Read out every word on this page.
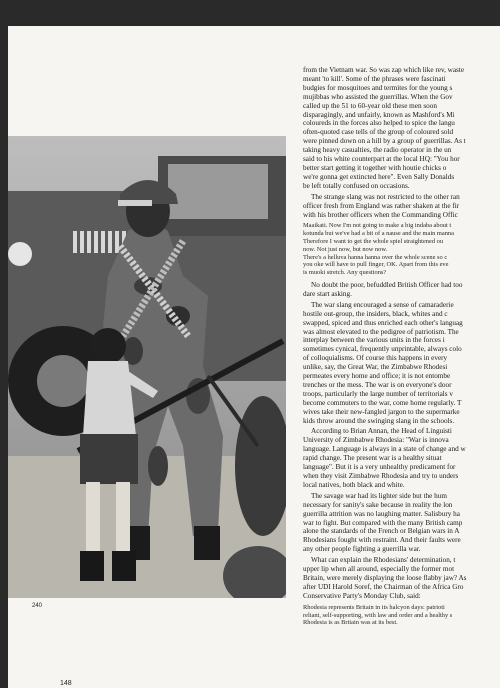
240

from the Vietnam war. So was zap which like rev, waste
meant 'to kill'. Some of the phrases were fascinati
budgies for mosquitoes and termites for the young s
mujibbas who assisted the guerrillas. When the Gov
called up the 51 to 60-year old these men soon
disparagingly, and unfairly, known as Mashford's Mi
coloureds in the forces also helped to spice the langu
often-quoted case tells of the group of coloured sold
were pinned down on a hill by a group of guerrillas. As t
taking heavy casualties, the radio operator in the un
said to his white counterpart at the local HQ: "You hor
better start getting it together with houtie chicks o
we're gonna get extincted here". Even Sally Donalds
be left totally confused on occasions.

The strange slang was not restricted to the other ran
officer fresh from England was rather shaken at the fir
with his brother officers when the Commanding Offic

Maaikati. Now I'm not going to make a big indaba about t
kotunda but we've had a bit of a nause and the main manna
Therefore I want to get the whole spiel straightened ou
now. Not just now, but now now.
There's a helluva hanna hanna over the whole scene so c
you oke will have to pull finger, OK. Apart from this eve
is muoki stretch. Any questions?

No doubt the poor, befuddled British Officer had too
dare start asking.

The war slang encouraged a sense of camaraderie
hostile out-group, the insiders, black, whites and c
swapped, spiced and thus enriched each other's languag
was almost elevated to the pedigree of patriotism. The
interplay between the various units in the forces i
sometimes cynical, frequently unprintable, always colo
of colloquialisms. Of course this happens in every
unlike, say, the Great War, the Zimbabwe Rhodesi
permeates every home and office; it is not entombe
trenches or the mess. The war is on everyone's door
troops, particularly the large number of territorials v
become commuters to the war, come home regularly. T
wives take their new-fangled jargon to the supermarke
kids throw around the swinging slang in the schools.

According to Brian Annan, the Head of Linguisti
University of Zimbabwe Rhodesia: "War is innova
language. Language is always in a state of change and w
rapid change. The present war is a healthy situat
language". But it is a very unhealthy predicament for
when they visit Zimbabwe Rhodesia and try to unders
local natives, both black and white.

The savage war had its lighter side but the hum
necessary for sanity's sake because in reality the lon
guerrilla attrition was no laughing matter. Salisbury ha
war to fight. But compared with the many British camp
alone the standards of the French or Belgian wars in A
Rhodesians fought with restraint. And their faults were
any other people fighting a guerrilla war.

What can explain the Rhodesians' determination, t
upper lip when all around, especially the former mot
Britain, were merely displaying the loose flabby jaw? As
after UDI Harold Soref, the Chairman of the Africa Gro
Conservative Party's Monday Club, said:

Rhodesia represents Britain in its halcyon days: patrioti
reliant, self-supporting, with law and order and a healthy s
Rhodesia is as Britain was at its best.

148
